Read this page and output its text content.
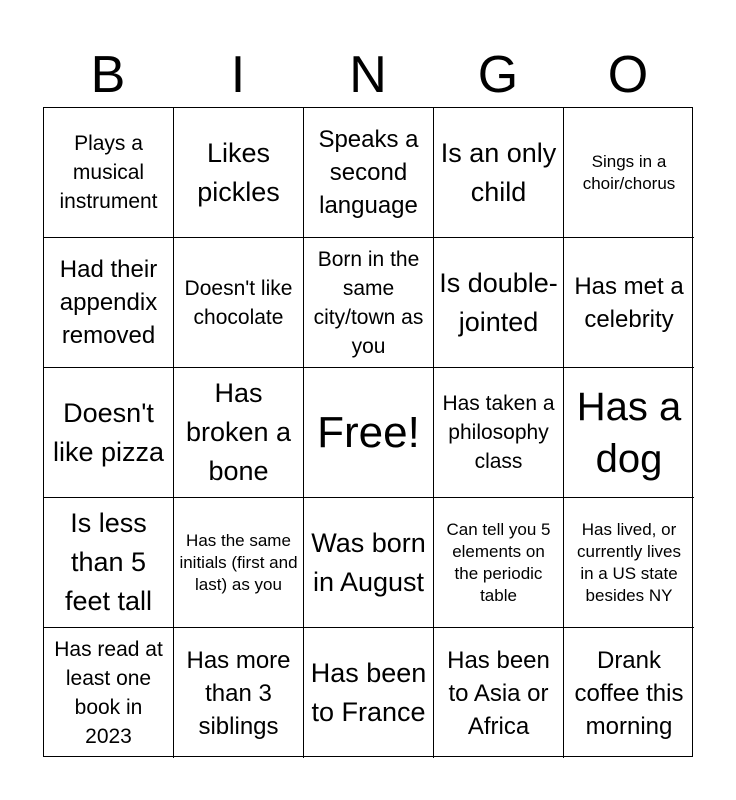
B	I	N	G	O
Plays a musical instrument
Likes pickles
Speaks a second language
Is an only child
Sings in a choir/chorus
Had their appendix removed
Doesn't like chocolate
Born in the same city/town as you
Is double-jointed
Has met a celebrity
Doesn't like pizza
Has broken a bone
Free!
Has taken a philosophy class
Has a dog
Is less than 5 feet tall
Has the same initials (first and last) as you
Was born in August
Can tell you 5 elements on the periodic table
Has lived, or currently lives in a US state besides NY
Has read at least one book in 2023
Has more than 3 siblings
Has been to France
Has been to Asia or Africa
Drank coffee this morning
